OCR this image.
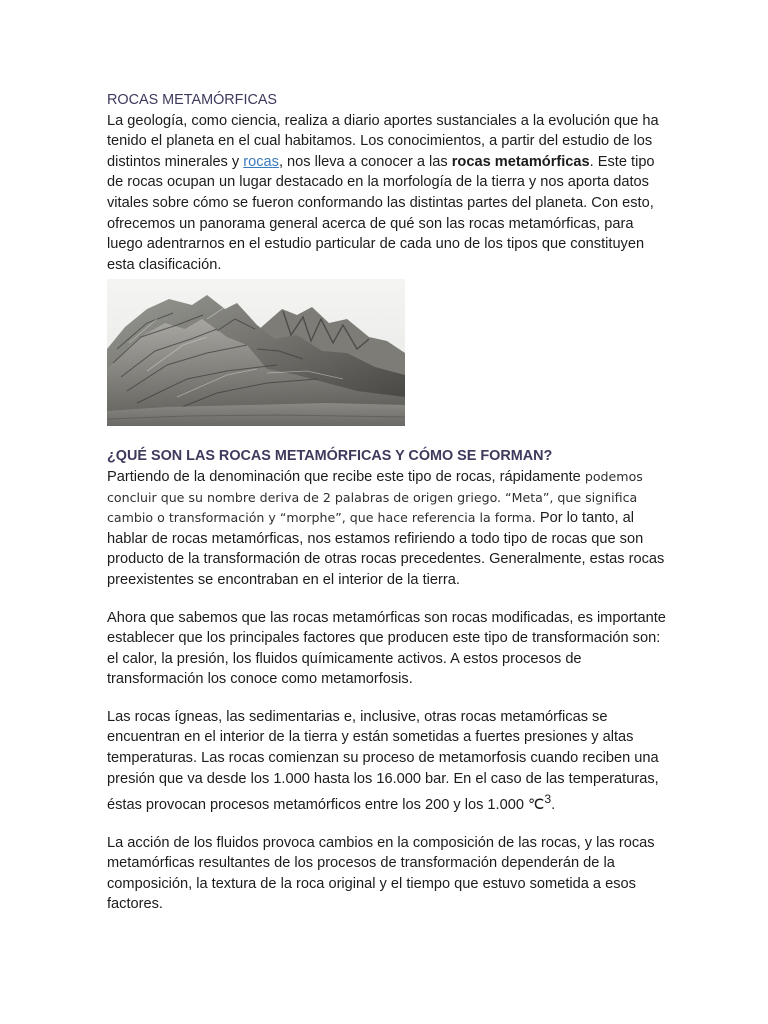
ROCAS METAMÓRFICAS

La geología, como ciencia, realiza a diario aportes sustanciales a la evolución que ha tenido el planeta en el cual habitamos. Los conocimientos, a partir del estudio de los distintos minerales y rocas, nos lleva a conocer a las rocas metamórficas. Este tipo de rocas ocupan un lugar destacado en la morfología de la tierra y nos aporta datos vitales sobre cómo se fueron conformando las distintas partes del planeta. Con esto, ofrecemos un panorama general acerca de qué son las rocas metamórficas, para luego adentrarnos en el estudio particular de cada uno de los tipos que constituyen esta clasificación.

¿QUÉ SON LAS ROCAS METAMÓRFICAS Y CÓMO SE FORMAN?

Partiendo de la denominación que recibe este tipo de rocas, rápidamente podemos concluir que su nombre deriva de 2 palabras de origen griego. “Meta”, que significa cambio o transformación y “morphe”, que hace referencia la forma. Por lo tanto, al hablar de rocas metamórficas, nos estamos refiriendo a todo tipo de rocas que son producto de la transformación de otras rocas precedentes. Generalmente, estas rocas preexistentes se encontraban en el interior de la tierra.

Ahora que sabemos que las rocas metamórficas son rocas modificadas, es importante establecer que los principales factores que producen este tipo de transformación son: el calor, la presión, los fluidos químicamente activos. A estos procesos de transformación los conoce como metamorfosis.

Las rocas ígneas, las sedimentarias e, inclusive, otras rocas metamórficas se encuentran en el interior de la tierra y están sometidas a fuertes presiones y altas temperaturas. Las rocas comienzan su proceso de metamorfosis cuando reciben una presión que va desde los 1.000 hasta los 16.000 bar. En el caso de las temperaturas, éstas provocan procesos metamórficos entre los 200 y los 1.000 ℃$^3$.

La acción de los fluidos provoca cambios en la composición de las rocas, y las rocas metamórficas resultantes de los procesos de transformación dependerán de la composición, la textura de la roca original y el tiempo que estuvo sometida a esos factores.
